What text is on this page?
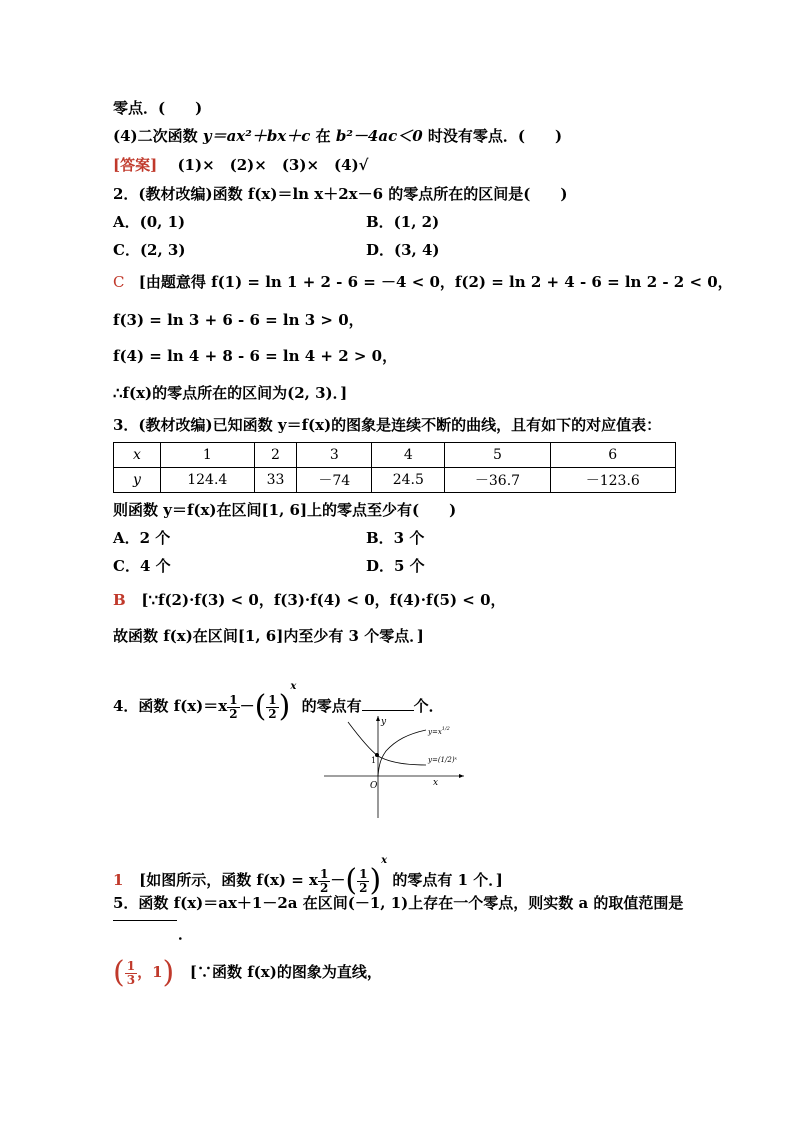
零点．(　　)
(4)二次函数 y＝ax²＋bx＋c 在 b²－4ac＜0 时没有零点．(　　)
[答案] 　(1)×　(2)×　(3)×　(4)√
2．(教材改编)函数 f(x)＝ln x＋2x－6 的零点所在的区间是(　　)
A．(0, 1)	B．(1, 2)
C．(2, 3)	D．(3, 4)
C [由题意得 f(1) = ln 1 + 2 - 6 = －4 < 0，f(2) = ln 2 + 4 - 6 = ln 2 - 2 < 0，
f(3) = ln 3 + 6 - 6 = ln 3 > 0，
f(4) = ln 4 + 8 - 6 = ln 4 + 2 > 0，
∴f(x)的零点所在的区间为(2, 3)．]
3．(教材改编)已知函数 y＝f(x)的图象是连续不断的曲线，且有如下的对应值表：
x	1	2	3	4	5	6
y	124.4	33	－74	24.5	－36.7	－123.6
则函数 y＝f(x)在区间[1, 6]上的零点至少有(　　)
A．2 个	B．3 个
C．4 个	D．5 个
B [∵f(2)·f(3) < 0，f(3)·f(4) < 0，f(4)·f(5) < 0，
故函数 f(x)在区间[1, 6]内至少有 3 个零点．]
4．函数 $f(x)=x \frac{1}{2}$ －( $\frac{1}{2} )^x$ 的零点有	个．
y
x
O
1
$y=x^{1/2}$
y=(1/2)ˣ
1 [如图所示，函数 f(x) = x $\frac{1}{2}$ －( $\frac{1}{2} )^x$ 的零点有 1 个．]
5．函数 f(x)＝ax＋1－2a 在区间(－1, 1)上存在一个零点，则实数 a 的取值范围是
．
( $\frac{1}{3}$ ，1) [∵函数 f(x)的图象为直线，
